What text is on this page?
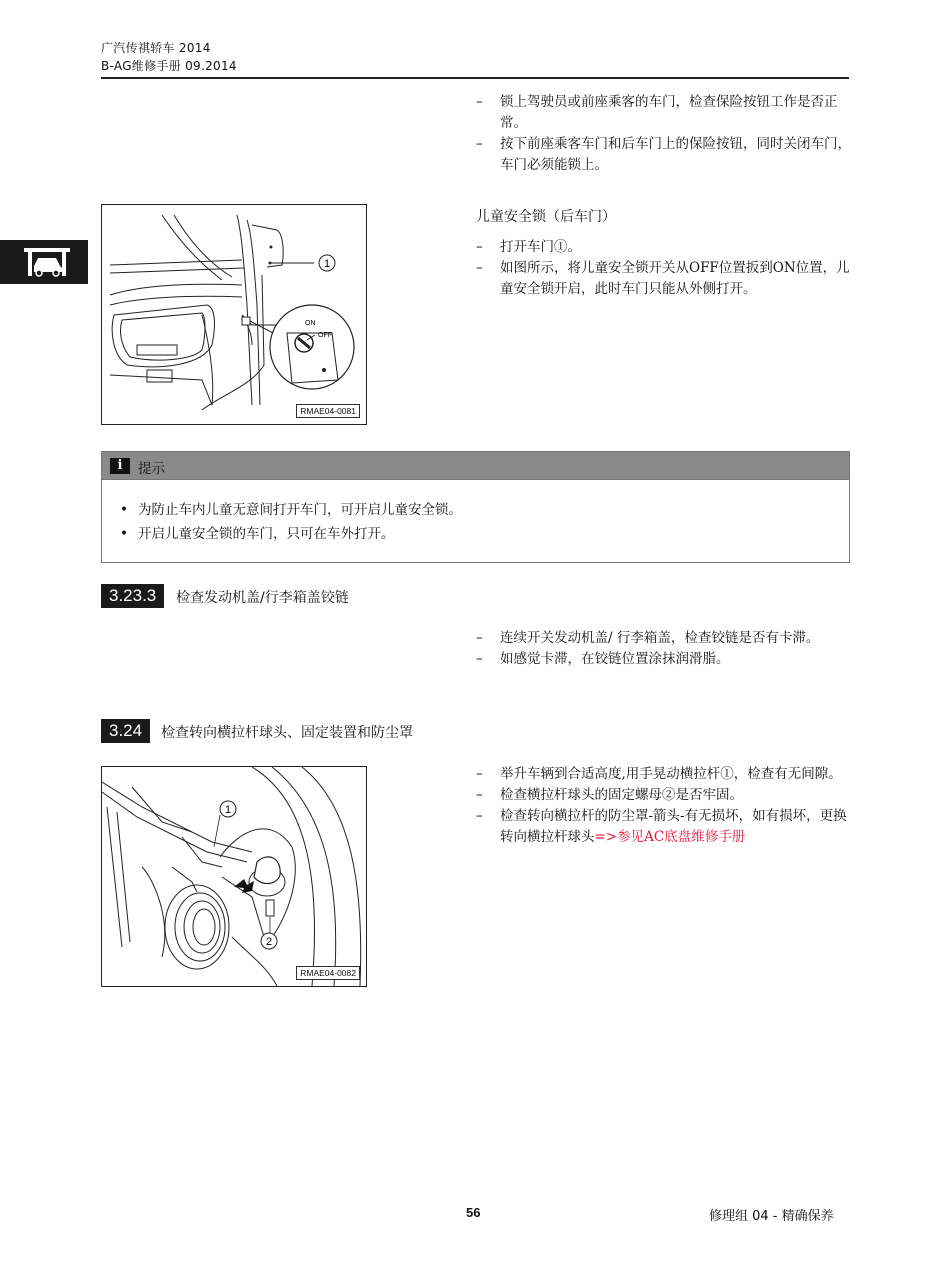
广汽传祺轿车 2014
B-AG维修手册 09.2014
– 锁上驾驶员或前座乘客的车门，检查保险按钮工作是否正常。
– 按下前座乘客车门和后车门上的保险按钮，同时关闭车门，车门必须能锁上。
1
ON
OFF
RMAE04-0081
儿童安全锁（后车门）
– 打开车门①。
– 如图所示，将儿童安全锁开关从OFF位置扳到ON位置，儿童安全锁开启，此时车门只能从外侧打开。
i	提示
• 为防止车内儿童无意间打开车门，可开启儿童安全锁。
• 开启儿童安全锁的车门，只可在车外打开。
3.23.3	检查发动机盖/行李箱盖铰链
– 连续开关发动机盖/ 行李箱盖，检查铰链是否有卡滞。
– 如感觉卡滞，在铰链位置涂抹润滑脂。
3.24	检查转向横拉杆球头、固定装置和防尘罩
– 举升车辆到合适高度,用手晃动横拉杆①，检查有无间隙。
– 检查横拉杆球头的固定螺母②是否牢固。
– 检查转向横拉杆的防尘罩-箭头-有无损坏，如有损坏，更换转向横拉杆球头=>参见AC底盘维修手册
1
2
RMAE04-0082
56	修理组 04 - 精确保养
